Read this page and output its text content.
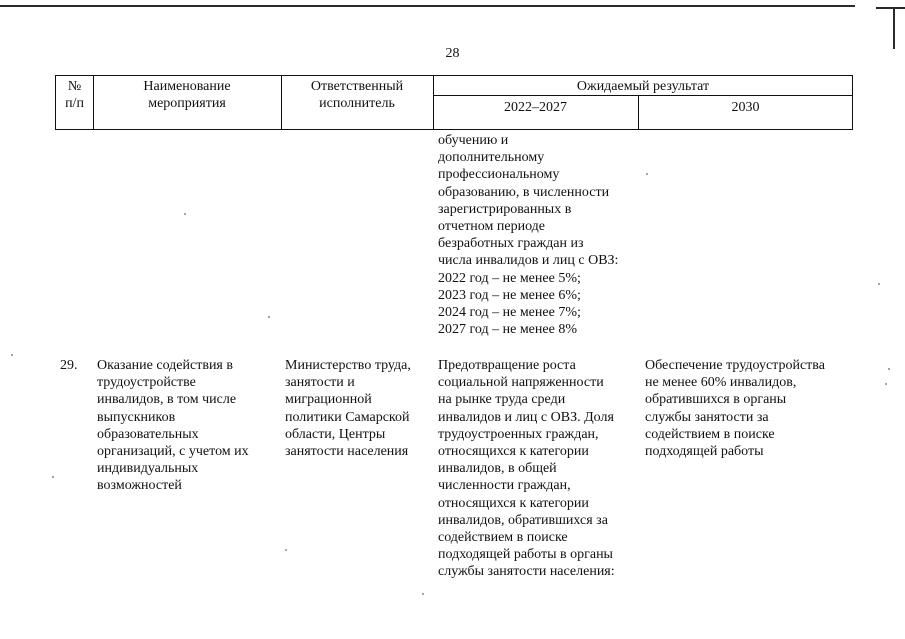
28
№
п/п
Наименование
мероприятия
Ответственный
исполнитель
Ожидаемый результат
2022–2027	2030
обучению и
дополнительному
профессиональному
образованию, в численности
зарегистрированных в
отчетном периоде
безработных граждан из
числа инвалидов и лиц с ОВЗ:
2022 год – не менее 5%;
2023 год – не менее 6%;
2024 год – не менее 7%;
2027 год – не менее 8%
29.	Оказание содействия в
трудоустройстве
инвалидов, в том числе
выпускников
образовательных
организаций, с учетом их
индивидуальных
возможностей
Министерство труда,
занятости и
миграционной
политики Самарской
области, Центры
занятости населения
Предотвращение роста
социальной напряженности
на рынке труда среди
инвалидов и лиц с ОВЗ. Доля
трудоустроенных граждан,
относящихся к категории
инвалидов, в общей
численности граждан,
относящихся к категории
инвалидов, обратившихся за
содействием в поиске
подходящей работы в органы
службы занятости населения:
Обеспечение трудоустройства
не менее 60% инвалидов,
обратившихся в органы
службы занятости за
содействием в поиске
подходящей работы
